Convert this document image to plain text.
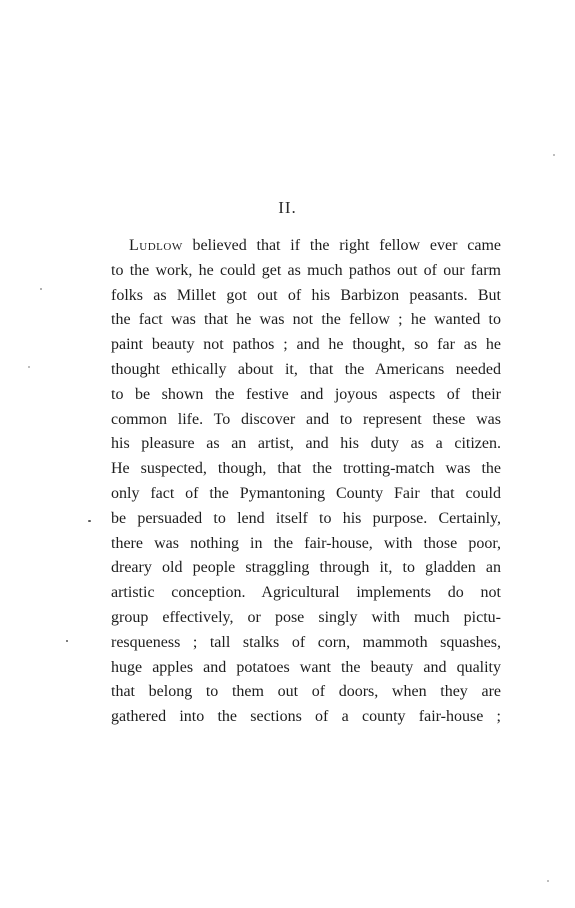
II.
Ludlow believed that if the right fellow ever came
to the work, he could get as much pathos out of our farm
folks as Millet got out of his Barbizon peasants. But
the fact was that he was not the fellow ; he wanted to
paint beauty not pathos ; and he thought, so far as he
thought ethically about it, that the Americans needed
to be shown the festive and joyous aspects of their
common life. To discover and to represent these was
his pleasure as an artist, and his duty as a citizen.
He suspected, though, that the trotting-match was the
only fact of the Pymantoning County Fair that could
be persuaded to lend itself to his purpose. Certainly,
there was nothing in the fair-house, with those poor,
dreary old people straggling through it, to gladden an
artistic conception. Agricultural implements do not
group effectively, or pose singly with much pictu-
resqueness ; tall stalks of corn, mammoth squashes,
huge apples and potatoes want the beauty and quality
that belong to them out of doors, when they are
gathered into the sections of a county fair-house ;
